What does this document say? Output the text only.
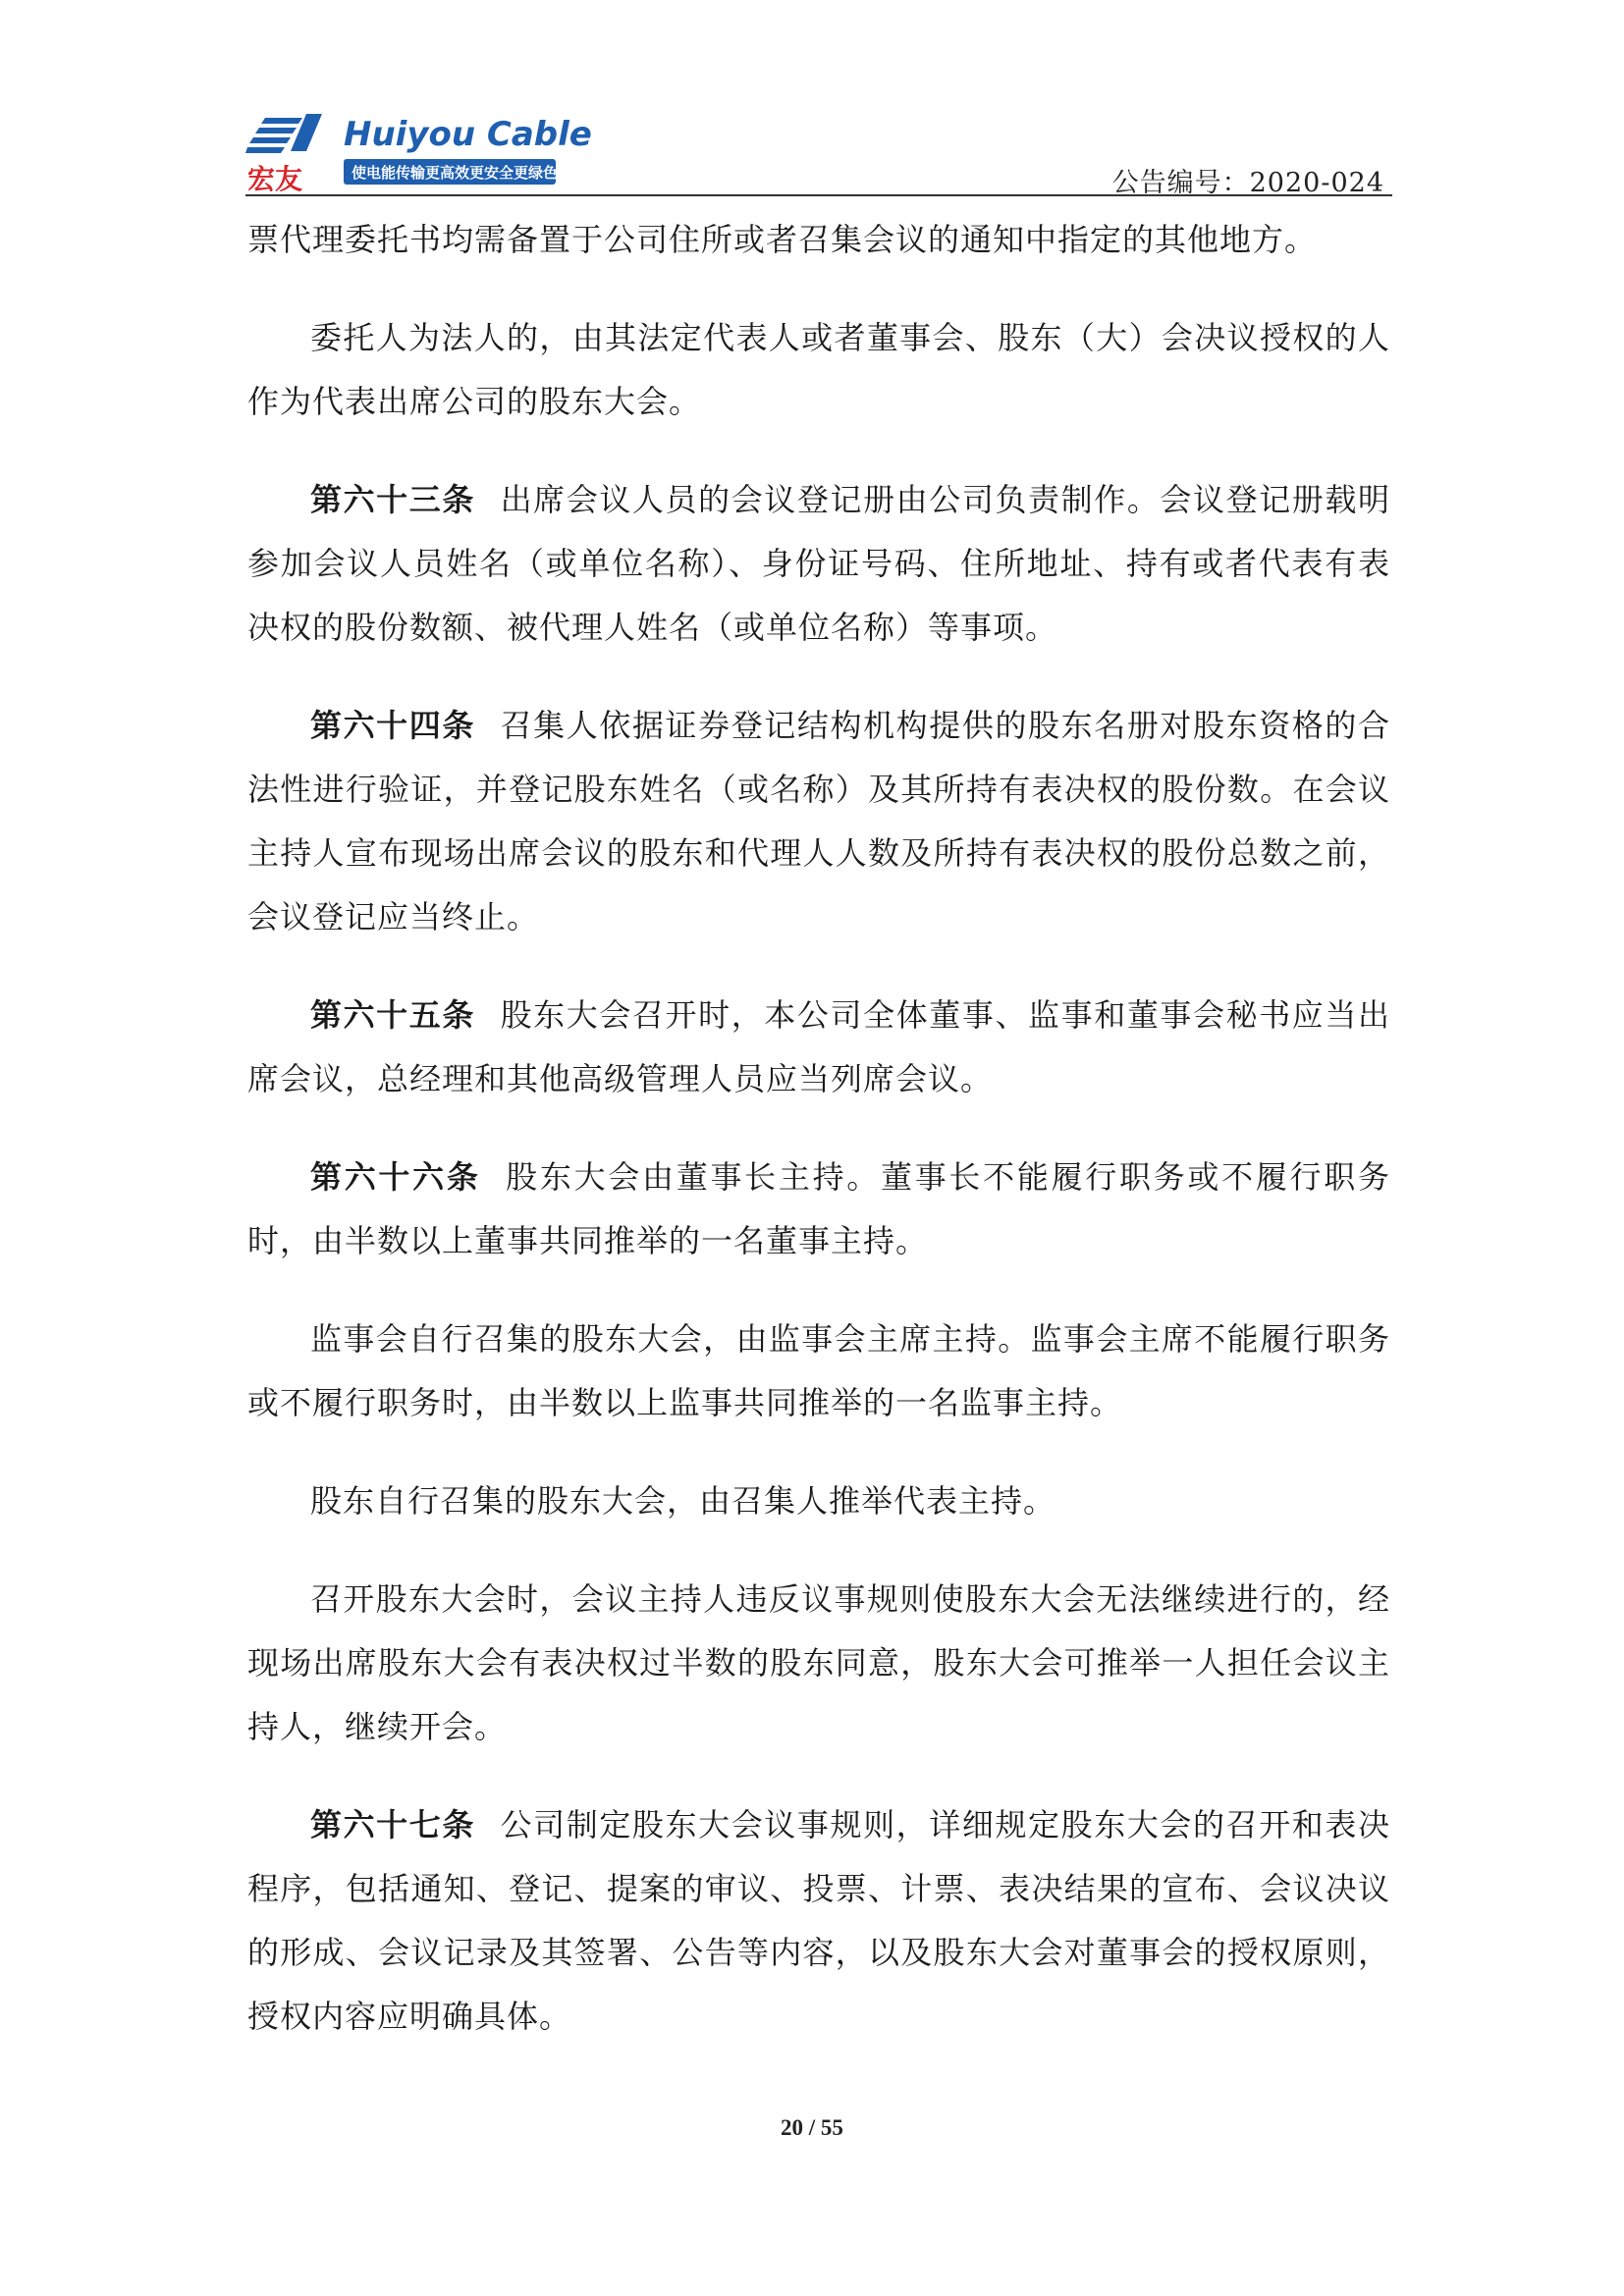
宏友
Huiyou Cable
使电能传输更高效更安全更绿色	公告编号：2020-024

票代理委托书均需备置于公司住所或者召集会议的通知中指定的其他地方。

委托人为法人的，由其法定代表人或者董事会、股东（大）会决议授权的人作为代表出席公司的股东大会。

第六十三条 出席会议人员的会议登记册由公司负责制作。会议登记册载明参加会议人员姓名（或单位名称）、身份证号码、住所地址、持有或者代表有表决权的股份数额、被代理人姓名（或单位名称）等事项。

第六十四条 召集人依据证券登记结构机构提供的股东名册对股东资格的合法性进行验证，并登记股东姓名（或名称）及其所持有表决权的股份数。在会议主持人宣布现场出席会议的股东和代理人人数及所持有表决权的股份总数之前，会议登记应当终止。

第六十五条 股东大会召开时，本公司全体董事、监事和董事会秘书应当出席会议，总经理和其他高级管理人员应当列席会议。

第六十六条 股东大会由董事长主持。董事长不能履行职务或不履行职务时，由半数以上董事共同推举的一名董事主持。

监事会自行召集的股东大会，由监事会主席主持。监事会主席不能履行职务或不履行职务时，由半数以上监事共同推举的一名监事主持。

股东自行召集的股东大会，由召集人推举代表主持。

召开股东大会时，会议主持人违反议事规则使股东大会无法继续进行的，经现场出席股东大会有表决权过半数的股东同意，股东大会可推举一人担任会议主持人，继续开会。

第六十七条 公司制定股东大会议事规则，详细规定股东大会的召开和表决程序，包括通知、登记、提案的审议、投票、计票、表决结果的宣布、会议决议的形成、会议记录及其签署、公告等内容，以及股东大会对董事会的授权原则，授权内容应明确具体。

20 / 55
